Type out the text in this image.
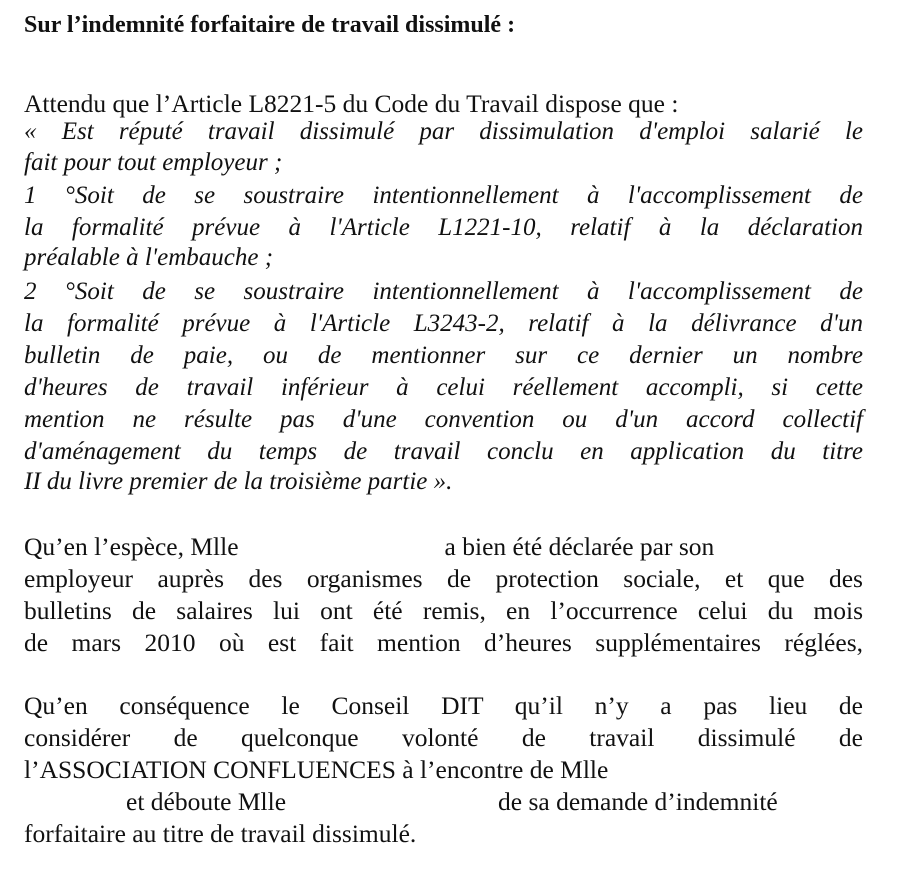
Sur l’indemnité forfaitaire de travail dissimulé :
Attendu que l’Article L8221-5 du Code du Travail dispose que :
« Est réputé travail dissimulé par dissimulation d'emploi salarié le
fait pour tout employeur ;
1 °Soit de se soustraire intentionnellement à l'accomplissement de
la formalité prévue à l'Article L1221-10, relatif à la déclaration
préalable à l'embauche ;
2 °Soit de se soustraire intentionnellement à l'accomplissement de
la formalité prévue à l'Article L3243-2, relatif à la délivrance d'un
bulletin de paie, ou de mentionner sur ce dernier un nombre
d'heures de travail inférieur à celui réellement accompli, si cette
mention ne résulte pas d'une convention ou d'un accord collectif
d'aménagement du temps de travail conclu en application du titre
II du livre premier de la troisième partie ».
Qu’en l’espèce, Mlle	a bien été déclarée par son
employeur auprès des organismes de protection sociale, et que des
bulletins de salaires lui ont été remis, en l’occurrence celui du mois
de mars 2010 où est fait mention d’heures supplémentaires réglées,
Qu’en conséquence le Conseil DIT qu’il n’y a pas lieu de
considérer de quelconque volonté de travail dissimulé de
l’ASSOCIATION CONFLUENCES à l’encontre de Mlle
et déboute Mlle	de sa demande d’indemnité
forfaitaire au titre de travail dissimulé.
